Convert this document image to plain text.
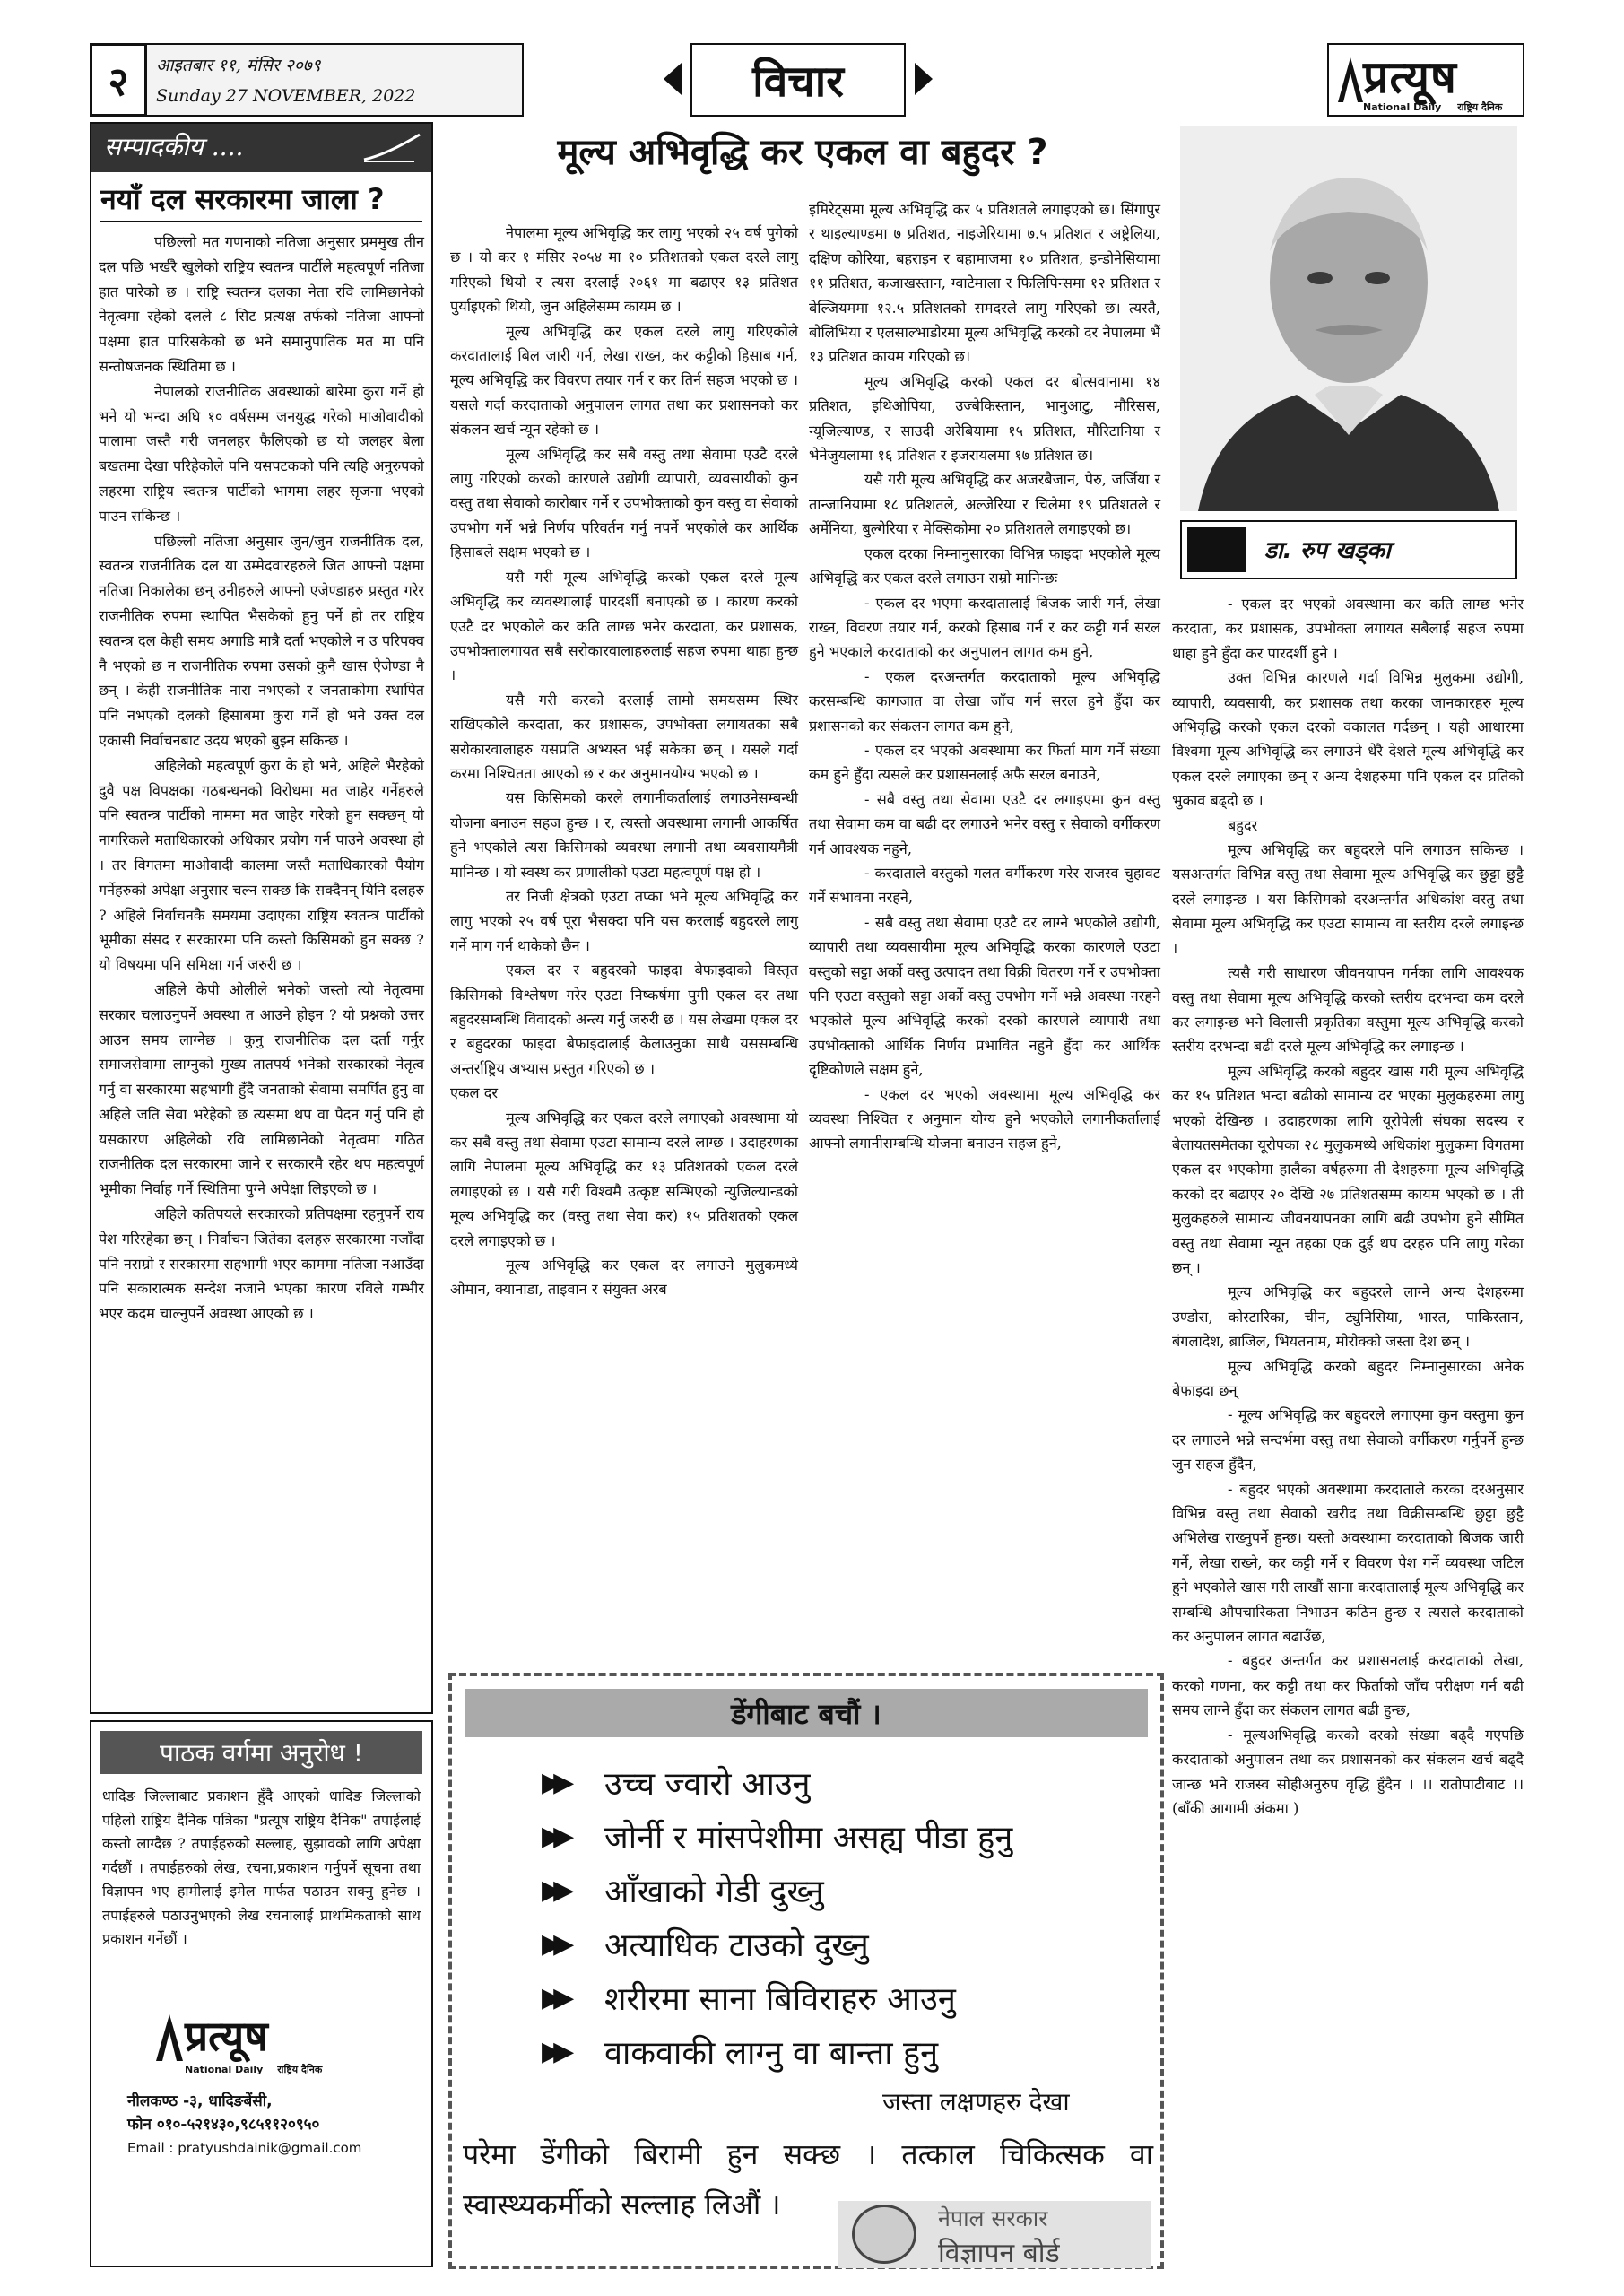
२	आइतबार ११, मंसिर २०७९
Sunday 27 NOVEMBER, 2022	विचार	प्रत्यूष
National Daily राष्ट्रिय दैनिक
सम्पादकीय ....
नयाँ दल सरकारमा जाला ?

पछिल्लो मत गणनाको नतिजा अनुसार प्रममुख तीन दल पछि भर्खरै खुलेको राष्ट्रिय स्वतन्त्र पार्टीले महत्वपूर्ण नतिजा हात पारेको छ । राष्ट्रि स्वतन्त्र दलका नेता रवि लामिछानेको नेतृत्वमा रहेको दलले ८ सिट प्रत्यक्ष तर्फको नतिजा आफ्नो पक्षमा हात पारिसकेको छ भने समानुपातिक मत मा पनि सन्तोषजनक स्थितिमा छ ।

नेपालको राजनीतिक अवस्थाको बारेमा कुरा गर्ने हो भने यो भन्दा अघि १० वर्षसम्म जनयुद्ध गरेको माओवादीको पालामा जस्तै गरी जनलहर फैलिएको छ यो जलहर बेला बखतमा देखा परिहेकोले पनि यसपटकको पनि त्यहि अनुरुपको लहरमा राष्ट्रिय स्वतन्त्र पार्टीको भागमा लहर सृजना भएको पाउन सकिन्छ ।

पछिल्लो नतिजा अनुसार जुन/जुन राजनीतिक दल, स्वतन्त्र राजनीतिक दल या उम्मेदवारहरुले जित आफ्नो पक्षमा नतिजा निकालेका छन् उनीहरुले आफ्नो एजेण्डाहरु प्रस्तुत गरेर राजनीतिक रुपमा स्थापित भैसकेको हुनु पर्ने हो तर राष्ट्रिय स्वतन्त्र दल केही समय अगाडि मात्रै दर्ता भएकोले न उ परिपक्व नै भएको छ न राजनीतिक रुपमा उसको कुनै खास ऐजेण्डा नै छन् । केही राजनीतिक नारा नभएको र जनताकोमा स्थापित पनि नभएको दलको हिसाबमा कुरा गर्ने हो भने उक्त दल एकासी निर्वाचनबाट उदय भएको बुझ्न सकिन्छ ।

अहिलेको महत्वपूर्ण कुरा के हो भने, अहिले भैरहेको दुवै पक्ष विपक्षका गठबन्धनको विरोधमा मत जाहेर गर्नेहरुले पनि स्वतन्त्र पार्टीको नाममा मत जाहेर गरेको हुन सक्छन् यो नागरिकले मताधिकारको अधिकार प्रयोग गर्न पाउने अवस्था हो । तर विगतमा माओवादी कालमा जस्तै मताधिकारको पैयोग गर्नेहरुको अपेक्षा अनुसार चल्न सक्छ कि सक्दैनन् यिनि दलहरु ? अहिले निर्वाचनकै समयमा उदाएका राष्ट्रिय स्वतन्त्र पार्टीको भूमीका संसद र सरकारमा पनि कस्तो किसिमको हुन सक्छ ? यो विषयमा पनि समिक्षा गर्न जरुरी छ ।

अहिले केपी ओलीले भनेको जस्तो त्यो नेतृत्वमा सरकार चलाउनुपर्ने अवस्था त आउने होइन ? यो प्रश्नको उत्तर आउन समय लाग्नेछ । कुनु राजनीतिक दल दर्ता गर्नुर समाजसेवामा लाग्नुको मुख्य तातपर्य भनेको सरकारको नेतृत्व गर्नु वा सरकारमा सहभागी हुँदै जनताको सेवामा समर्पित हुनु वा अहिले जति सेवा भरेहेको छ त्यसमा थप वा पैदन गर्नु पनि हो यसकारण अहिलेको रवि लामिछानेको नेतृत्वमा गठित राजनीतिक दल सरकारमा जाने र सरकारमै रहेर थप महत्वपूर्ण भूमीका निर्वाह गर्ने स्थितिमा पुग्ने अपेक्षा लिइएको छ ।

अहिले कतिपयले सरकारको प्रतिपक्षमा रहनुपर्ने राय पेश गरिरहेका छन् । निर्वाचन जितेका दलहरु सरकारमा नजाँदा पनि नराम्रो र सरकारमा सहभागी भएर काममा नतिजा नआउँदा पनि सकारात्मक सन्देश नजाने भएका कारण रविले गम्भीर भएर कदम चाल्नुपर्ने अवस्था आएको छ ।

पाठक वर्गमा अनुरोध !
धादिङ जिल्लाबाट प्रकाशन हुँदै आएको धादिङ जिल्लाको पहिलो राष्ट्रिय दैनिक पत्रिका "प्रत्यूष राष्ट्रिय दैनिक" तपाईलाई कस्तो लाग्दैछ ? तपाईहरुको सल्लाह, सुझावको लागि अपेक्षा गर्दछौं । तपाईहरुको लेख, रचना,प्रकाशन गर्नुपर्ने सूचना तथा विज्ञापन भए हामीलाई इमेल मार्फत पठाउन सक्नु हुनेछ । तपाईहरुले पठाउनुभएको लेख रचनालाई प्राथमिकताको साथ प्रकाशन गर्नेछौं ।
प्रत्यूष
National Daily राष्ट्रिय दैनिक
नीलकण्ठ -३, धादिङबेंसी,
फोन ०१०-५२१४३०,९८५११२०९५०
Email : pratyushdainik@gmail.com
मूल्य अभिवृद्धि कर एकल वा बहुदर ?

नेपालमा मूल्य अभिवृद्धि कर लागु भएको २५ वर्ष पुगेको छ । यो कर १ मंसिर २०५४ मा १० प्रतिशतको एकल दरले लागु गरिएको थियो र त्यस दरलाई २०६१ मा बढाएर १३ प्रतिशत पुर्याइएको थियो, जुन अहिलेसम्म कायम छ ।

मूल्य अभिवृद्धि कर एकल दरले लागु गरिएकोले करदातालाई बिल जारी गर्न, लेखा राख्न, कर कट्टीको हिसाब गर्न, मूल्य अभिवृद्धि कर विवरण तयार गर्न र कर तिर्न सहज भएको छ । यसले गर्दा करदाताको अनुपालन लागत तथा कर प्रशासनको कर संकलन खर्च न्यून रहेको छ ।

मूल्य अभिवृद्धि कर सबै वस्तु तथा सेवामा एउटै दरले लागु गरिएको करको कारणले उद्योगी व्यापारी, व्यवसायीको कुन वस्तु तथा सेवाको कारोबार गर्ने र उपभोक्ताको कुन वस्तु वा सेवाको उपभोग गर्ने भन्ने निर्णय परिवर्तन गर्नु नपर्ने भएकोले कर आर्थिक हिसाबले सक्षम भएको छ ।

यसै गरी मूल्य अभिवृद्धि करको एकल दरले मूल्य अभिवृद्धि कर व्यवस्थालाई पारदर्शी बनाएको छ । कारण करको एउटै दर भएकोले कर कति लाग्छ भनेर करदाता, कर प्रशासक, उपभोक्तालगायत सबै सरोकारवालाहरुलाई सहज रुपमा थाहा हुन्छ ।

यसै गरी करको दरलाई लामो समयसम्म स्थिर राखिएकोले करदाता, कर प्रशासक, उपभोक्ता लगायतका सबै सरोकारवालाहरु यसप्रति अभ्यस्त भई सकेका छन् । यसले गर्दा करमा निश्चितता आएको छ र कर अनुमानयोग्य भएको छ ।

यस किसिमको करले लगानीकर्तालाई लगाउनेसम्बन्धी योजना बनाउन सहज हुन्छ । र, त्यस्तो अवस्थामा लगानी आकर्षित हुने भएकोले त्यस किसिमको व्यवस्था लगानी तथा व्यवसायमैत्री मानिन्छ । यो स्वस्थ कर प्रणालीको एउटा महत्वपूर्ण पक्ष हो ।

तर निजी क्षेत्रको एउटा तप्का भने मूल्य अभिवृद्धि कर लागु भएको २५ वर्ष पूरा भैसक्दा पनि यस करलाई बहुदरले लागु गर्ने माग गर्न थाकेको छैन ।

एकल दर र बहुदरको फाइदा बेफाइदाको विस्तृत किसिमको विश्लेषण गरेर एउटा निष्कर्षमा पुगी एकल दर तथा बहुदरसम्बन्धि विवादको अन्त्य गर्नु जरुरी छ । यस लेखमा एकल दर र बहुदरका फाइदा बेफाइदालाई केलाउनुका साथै यससम्बन्धि अन्तर्राष्ट्रिय अभ्यास प्रस्तुत गरिएको छ ।

एकल दर

मूल्य अभिवृद्धि कर एकल दरले लगाएको अवस्थामा यो कर सबै वस्तु तथा सेवामा एउटा सामान्य दरले लाग्छ । उदाहरणका लागि नेपालमा मूल्य अभिवृद्धि कर १३ प्रतिशतको एकल दरले लगाइएको छ । यसै गरी विश्वमै उत्कृष्ट सम्भिएको न्युजिल्यान्डको मूल्य अभिवृद्धि कर (वस्तु तथा सेवा कर) १५ प्रतिशतको एकल दरले लगाइएको छ ।

मूल्य अभिवृद्धि कर एकल दर लगाउने मुलुकमध्ये ओमान, क्यानाडा, ताइवान र संयुक्त अरब

इमिरेट्समा मूल्य अभिवृद्धि कर ५ प्रतिशतले लगाइएको छ। सिंगापुर र थाइल्याण्डमा ७ प्रतिशत, नाइजेरियामा ७.५ प्रतिशत र अष्ट्रेलिया, दक्षिण कोरिया, बहराइन र बहामाजमा १० प्रतिशत, इन्डोनेसियामा ११ प्रतिशत, कजाखस्तान, ग्वाटेमाला र फिलिपिन्समा १२ प्रतिशत र बेल्जियममा १२.५ प्रतिशतको समदरले लागु गरिएको छ। त्यस्तै, बोलिभिया र एलसाल्भाडोरमा मूल्य अभिवृद्धि करको दर नेपालमा भैं १३ प्रतिशत कायम गरिएको छ।

मूल्य अभिवृद्धि करको एकल दर बोत्सवानामा १४ प्रतिशत, इथिओपिया, उज्बेकिस्तान, भानुआटु, मौरिसस, न्यूजिल्याण्ड, र साउदी अरेबियामा १५ प्रतिशत, मौरिटानिया र भेनेजुयलामा १६ प्रतिशत र इजरायलमा १७ प्रतिशत छ।

यसै गरी मूल्य अभिवृद्धि कर अजरबैजान, पेरु, जर्जिया र तान्जानियामा १८ प्रतिशतले, अल्जेरिया र चिलेमा १९ प्रतिशतले र अर्मेनिया, बुल्गेरिया र मेक्सिकोमा २० प्रतिशतले लगाइएको छ।

एकल दरका निम्नानुसारका विभिन्न फाइदा भएकोले मूल्य अभिवृद्धि कर एकल दरले लगाउन राम्रो मानिन्छः

- एकल दर भएमा करदातालाई बिजक जारी गर्न, लेखा राख्न, विवरण तयार गर्न, करको हिसाब गर्न र कर कट्टी गर्न सरल हुने भएकाले करदाताको कर अनुपालन लागत कम हुने,

- एकल दरअन्तर्गत करदाताको मूल्य अभिवृद्धि करसम्बन्धि कागजात वा लेखा जाँच गर्न सरल हुने हुँदा कर प्रशासनको कर संकलन लागत कम हुने,

- एकल दर भएको अवस्थामा कर फिर्ता माग गर्ने संख्या कम हुने हुँदा त्यसले कर प्रशासनलाई अफै सरल बनाउने,

- सबै वस्तु तथा सेवामा एउटै दर लगाइएमा कुन वस्तु तथा सेवामा कम वा बढी दर लगाउने भनेर वस्तु र सेवाको वर्गीकरण गर्न आवश्यक नहुने,

- करदाताले वस्तुको गलत वर्गीकरण गरेर राजस्व चुहावट गर्ने संभावना नरहने,

- सबै वस्तु तथा सेवामा एउटै दर लाग्ने भएकोले उद्योगी, व्यापारी तथा व्यवसायीमा मूल्य अभिवृद्धि करका कारणले एउटा वस्तुको सट्टा अर्को वस्तु उत्पादन तथा विक्री वितरण गर्ने र उपभोक्ता पनि एउटा वस्तुको सट्टा अर्को वस्तु उपभोग गर्ने भन्ने अवस्था नरहने भएकोले मूल्य अभिवृद्धि करको दरको कारणले व्यापारी तथा उपभोक्ताको आर्थिक निर्णय प्रभावित नहुने हुँदा कर आर्थिक दृष्टिकोणले सक्षम हुने,

- एकल दर भएको अवस्थामा मूल्य अभिवृद्धि कर व्यवस्था निश्चित र अनुमान योग्य हुने भएकोले लगानीकर्तालाई आफ्नो लगानीसम्बन्धि योजना बनाउन सहज हुने,

- एकल दर भएको अवस्थामा कर कति लाग्छ भनेर करदाता, कर प्रशासक, उपभोक्ता लगायत सबैलाई सहज रुपमा थाहा हुने हुँदा कर पारदर्शी हुने ।

उक्त विभिन्न कारणले गर्दा विभिन्न मुलुकमा उद्योगी, व्यापारी, व्यवसायी, कर प्रशासक तथा करका जानकारहरु मूल्य अभिवृद्धि करको एकल दरको वकालत गर्दछन् । यही आधारमा विश्वमा मूल्य अभिवृद्धि कर लगाउने धेरै देशले मूल्य अभिवृद्धि कर एकल दरले लगाएका छन् र अन्य देशहरुमा पनि एकल दर प्रतिको भुकाव बढ्दो छ ।

बहुदर

मूल्य अभिवृद्धि कर बहुदरले पनि लगाउन सकिन्छ । यसअन्तर्गत विभिन्न वस्तु तथा सेवामा मूल्य अभिवृद्धि कर छुट्टा छुट्टै दरले लगाइन्छ । यस किसिमको दरअन्तर्गत अधिकांश वस्तु तथा सेवामा मूल्य अभिवृद्धि कर एउटा सामान्य वा स्तरीय दरले लगाइन्छ ।

त्यसै गरी साधारण जीवनयापन गर्नका लागि आवश्यक वस्तु तथा सेवामा मूल्य अभिवृद्धि करको स्तरीय दरभन्दा कम दरले कर लगाइन्छ भने विलासी प्रकृतिका वस्तुमा मूल्य अभिवृद्धि करको स्तरीय दरभन्दा बढी दरले मूल्य अभिवृद्धि कर लगाइन्छ ।

मूल्य अभिवृद्धि करको बहुदर खास गरी मूल्य अभिवृद्धि कर १५ प्रतिशत भन्दा बढीको सामान्य दर भएका मुलुकहरुमा लागु भएको देखिन्छ । उदाहरणका लागि यूरोपेली संघका सदस्य र बेलायतसमेतका यूरोपका २८ मुलुकमध्ये अधिकांश मुलुकमा विगतमा एकल दर भएकोमा हालैका वर्षहरुमा ती देशहरुमा मूल्य अभिवृद्धि करको दर बढाएर २० देखि २७ प्रतिशतसम्म कायम भएको छ । ती मुलुकहरुले सामान्य जीवनयापनका लागि बढी उपभोग हुने सीमित वस्तु तथा सेवामा न्यून तहका एक दुई थप दरहरु पनि लागु गरेका छन् ।

मूल्य अभिवृद्धि कर बहुदरले लाग्ने अन्य देशहरुमा उण्डोरा, कोस्टारिका, चीन, ट्युनिसिया, भारत, पाकिस्तान, बंगलादेश, ब्राजिल, भियतनाम, मोरोक्को जस्ता देश छन् ।

मूल्य अभिवृद्धि करको बहुदर निम्नानुसारका अनेक बेफाइदा छन्

- मूल्य अभिवृद्धि कर बहुदरले लगाएमा कुन वस्तुमा कुन दर लगाउने भन्ने सन्दर्भमा वस्तु तथा सेवाको वर्गीकरण गर्नुपर्ने हुन्छ जुन सहज हुँदैन,

- बहुदर भएको अवस्थामा करदाताले करका दरअनुसार विभिन्न वस्तु तथा सेवाको खरीद तथा विक्रीसम्बन्धि छुट्टा छुट्टै अभिलेख राख्नुपर्ने हुन्छ। यस्तो अवस्थामा करदाताको बिजक जारी गर्ने, लेखा राख्ने, कर कट्टी गर्ने र विवरण पेश गर्ने व्यवस्था जटिल हुने भएकोले खास गरी लाखौं साना करदातालाई मूल्य अभिवृद्धि कर सम्बन्धि औपचारिकता निभाउन कठिन हुन्छ र त्यसले करदाताको कर अनुपालन लागत बढाउँछ,

- बहुदर अन्तर्गत कर प्रशासनलाई करदाताको लेखा, करको गणना, कर कट्टी तथा कर फिर्ताको जाँच परीक्षण गर्न बढी समय लाग्ने हुँदा कर संकलन लागत बढी हुन्छ,

- मूल्यअभिवृद्धि करको दरको संख्या बढ्दै गएपछि करदाताको अनुपालन तथा कर प्रशासनको कर संकलन खर्च बढ्दै जान्छ भने राजस्व सोहीअनुरुप वृद्धि हुँदैन । ।। रातोपाटीबाट ।।(बाँकी आगामी अंकमा )

डा. रुप खड्का
डेंगीबाट बचौं ।
▶▶	उच्च ज्वारो आउनु
▶▶	जोर्नी र मांसपेशीमा असह्य पीडा हुनु
▶▶	आँखाको गेडी दुख्नु
▶▶	अत्याधिक टाउको दुख्नु
▶▶	शरीरमा साना बिविराहरु आउनु
▶▶	वाकवाकी लाग्नु वा बान्ता हुनु
जस्ता लक्षणहरु देखा
परेमा डेंगीको बिरामी हुन सक्छ । तत्काल चिकित्सक वा स्वास्थ्यकर्मीको सल्लाह लिऔं ।	नेपाल सरकार
विज्ञापन बोर्ड
